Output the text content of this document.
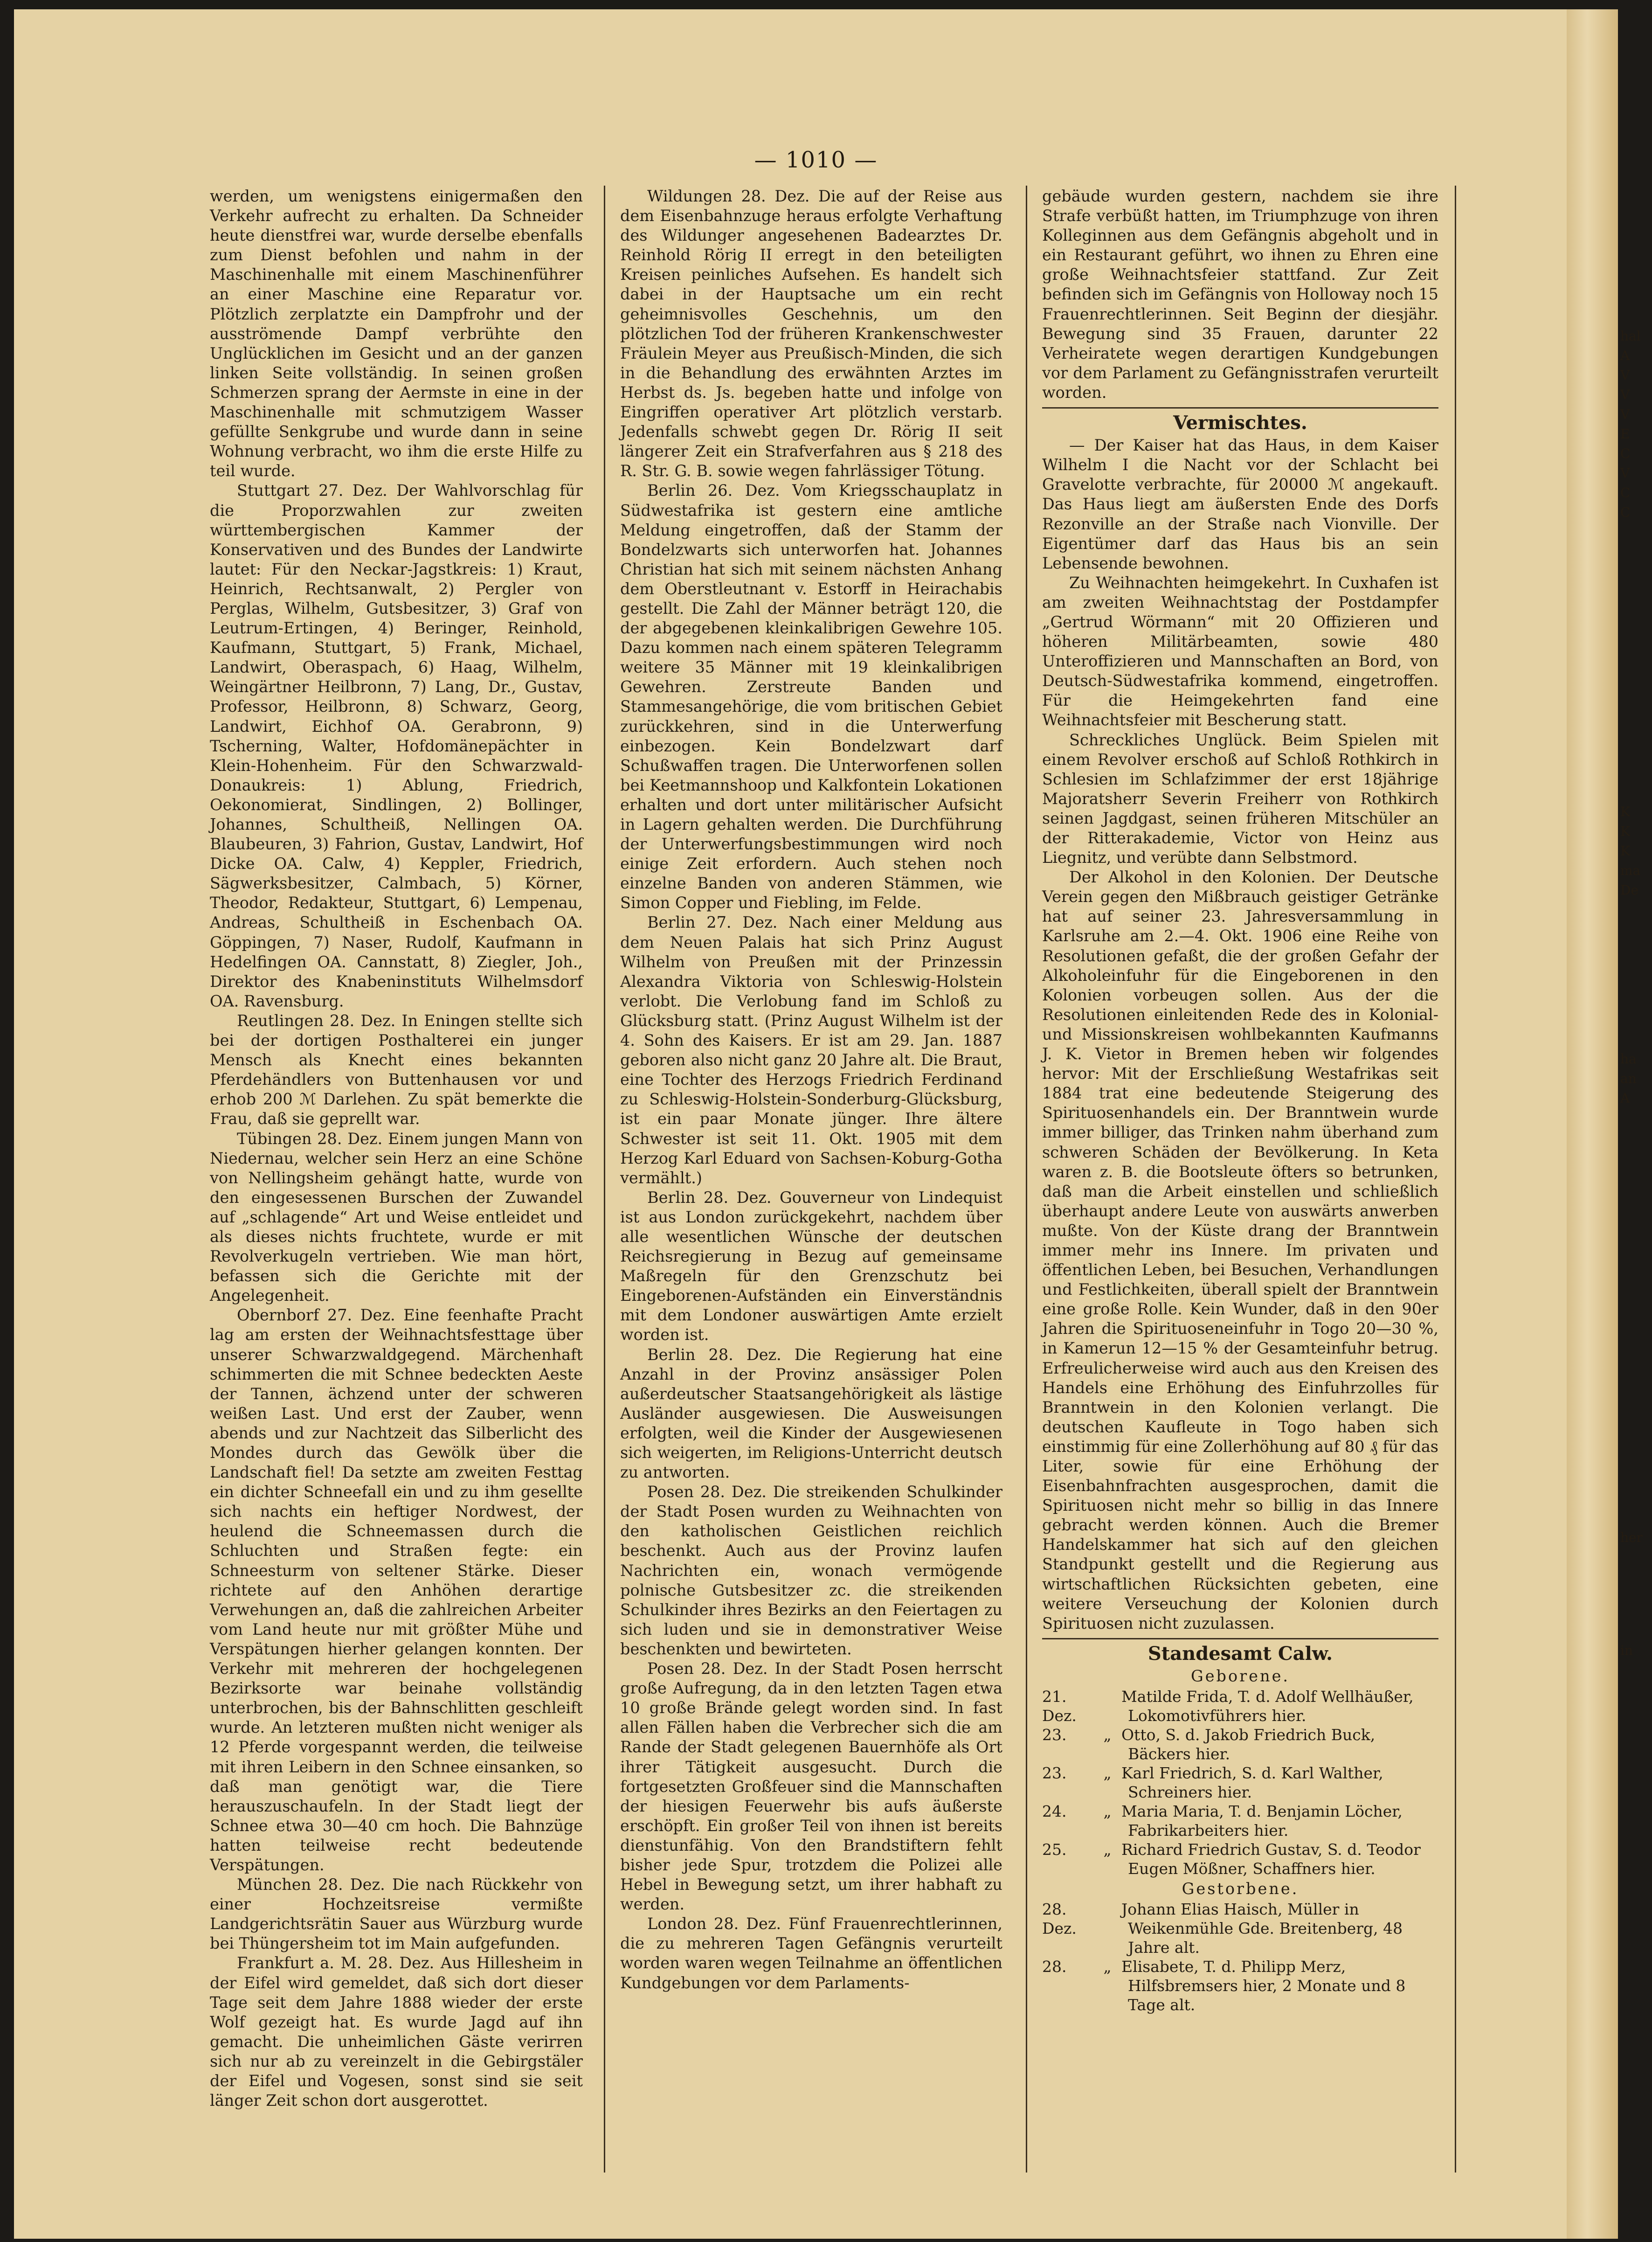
— 1010 —

werden, um wenigstens einigermaßen den Verkehr aufrecht zu erhalten. Da Schneider heute dienstfrei war, wurde derselbe ebenfalls zum Dienst befohlen und nahm in der Maschinenhalle mit einem Maschinenführer an einer Maschine eine Reparatur vor. Plötzlich zerplatzte ein Dampfrohr und der ausströmende Dampf verbrühte den Unglücklichen im Gesicht und an der ganzen linken Seite vollständig. In seinen großen Schmerzen sprang der Aermste in eine in der Maschinenhalle mit schmutzigem Wasser gefüllte Senkgrube und wurde dann in seine Wohnung verbracht, wo ihm die erste Hilfe zu teil wurde.

Stuttgart 27. Dez. Der Wahlvorschlag für die Proporzwahlen zur zweiten württembergischen Kammer der Konservativen und des Bundes der Landwirte lautet: Für den Neckar-Jagstkreis: 1) Kraut, Heinrich, Rechtsanwalt, 2) Pergler von Perglas, Wilhelm, Gutsbesitzer, 3) Graf von Leutrum-Ertingen, 4) Beringer, Reinhold, Kaufmann, Stuttgart, 5) Frank, Michael, Landwirt, Oberaspach, 6) Haag, Wilhelm, Weingärtner Heilbronn, 7) Lang, Dr., Gustav, Professor, Heilbronn, 8) Schwarz, Georg, Landwirt, Eichhof OA. Gerabronn, 9) Tscherning, Walter, Hofdomänepächter in Klein-Hohenheim. Für den Schwarzwald-Donaukreis: 1) Ablung, Friedrich, Oekonomierat, Sindlingen, 2) Bollinger, Johannes, Schultheiß, Nellingen OA. Blaubeuren, 3) Fahrion, Gustav, Landwirt, Hof Dicke OA. Calw, 4) Keppler, Friedrich, Sägwerksbesitzer, Calmbach, 5) Körner, Theodor, Redakteur, Stuttgart, 6) Lempenau, Andreas, Schultheiß in Eschenbach OA. Göppingen, 7) Naser, Rudolf, Kaufmann in Hedelfingen OA. Cannstatt, 8) Ziegler, Joh., Direktor des Knabeninstituts Wilhelmsdorf OA. Ravensburg.

Reutlingen 28. Dez. In Eningen stellte sich bei der dortigen Posthalterei ein junger Mensch als Knecht eines bekannten Pferdehändlers von Buttenhausen vor und erhob 200 ℳ Darlehen. Zu spät bemerkte die Frau, daß sie geprellt war.

Tübingen 28. Dez. Einem jungen Mann von Niedernau, welcher sein Herz an eine Schöne von Nellingsheim gehängt hatte, wurde von den eingesessenen Burschen der Zuwandel auf „schlagende“ Art und Weise entleidet und als dieses nichts fruchtete, wurde er mit Revolverkugeln vertrieben. Wie man hört, befassen sich die Gerichte mit der Angelegenheit.

Obernborf 27. Dez. Eine feenhafte Pracht lag am ersten der Weihnachtsfesttage über unserer Schwarzwaldgegend. Märchenhaft schimmerten die mit Schnee bedeckten Aeste der Tannen, ächzend unter der schweren weißen Last. Und erst der Zauber, wenn abends und zur Nachtzeit das Silberlicht des Mondes durch das Gewölk über die Landschaft fiel! Da setzte am zweiten Festtag ein dichter Schneefall ein und zu ihm gesellte sich nachts ein heftiger Nordwest, der heulend die Schneemassen durch die Schluchten und Straßen fegte: ein Schneesturm von seltener Stärke. Dieser richtete auf den Anhöhen derartige Verwehungen an, daß die zahlreichen Arbeiter vom Land heute nur mit größter Mühe und Verspätungen hierher gelangen konnten. Der Verkehr mit mehreren der hochgelegenen Bezirksorte war beinahe vollständig unterbrochen, bis der Bahnschlitten geschleift wurde. An letzteren mußten nicht weniger als 12 Pferde vorgespannt werden, die teilweise mit ihren Leibern in den Schnee einsanken, so daß man genötigt war, die Tiere herauszuschaufeln. In der Stadt liegt der Schnee etwa 30—40 cm hoch. Die Bahnzüge hatten teilweise recht bedeutende Verspätungen.

München 28. Dez. Die nach Rückkehr von einer Hochzeitsreise vermißte Landgerichtsrätin Sauer aus Würzburg wurde bei Thüngersheim tot im Main aufgefunden.

Frankfurt a. M. 28. Dez. Aus Hillesheim in der Eifel wird gemeldet, daß sich dort dieser Tage seit dem Jahre 1888 wieder der erste Wolf gezeigt hat. Es wurde Jagd auf ihn gemacht. Die unheimlichen Gäste verirren sich nur ab zu vereinzelt in die Gebirgstäler der Eifel und Vogesen, sonst sind sie seit länger Zeit schon dort ausgerottet.

Wildungen 28. Dez. Die auf der Reise aus dem Eisenbahnzuge heraus erfolgte Verhaftung des Wildunger angesehenen Badearztes Dr. Reinhold Rörig II erregt in den beteiligten Kreisen peinliches Aufsehen. Es handelt sich dabei in der Hauptsache um ein recht geheimnisvolles Geschehnis, um den plötzlichen Tod der früheren Krankenschwester Fräulein Meyer aus Preußisch-Minden, die sich in die Behandlung des erwähnten Arztes im Herbst ds. Js. begeben hatte und infolge von Eingriffen operativer Art plötzlich verstarb. Jedenfalls schwebt gegen Dr. Rörig II seit längerer Zeit ein Strafverfahren aus § 218 des R. Str. G. B. sowie wegen fahrlässiger Tötung.

Berlin 26. Dez. Vom Kriegsschauplatz in Südwestafrika ist gestern eine amtliche Meldung eingetroffen, daß der Stamm der Bondelzwarts sich unterworfen hat. Johannes Christian hat sich mit seinem nächsten Anhang dem Oberstleutnant v. Estorff in Heirachabis gestellt. Die Zahl der Männer beträgt 120, die der abgegebenen kleinkalibrigen Gewehre 105. Dazu kommen nach einem späteren Telegramm weitere 35 Männer mit 19 kleinkalibrigen Gewehren. Zerstreute Banden und Stammesangehörige, die vom britischen Gebiet zurückkehren, sind in die Unterwerfung einbezogen. Kein Bondelzwart darf Schußwaffen tragen. Die Unterworfenen sollen bei Keetmannshoop und Kalkfontein Lokationen erhalten und dort unter militärischer Aufsicht in Lagern gehalten werden. Die Durchführung der Unterwerfungsbestimmungen wird noch einige Zeit erfordern. Auch stehen noch einzelne Banden von anderen Stämmen, wie Simon Copper und Fiebling, im Felde.

Berlin 27. Dez. Nach einer Meldung aus dem Neuen Palais hat sich Prinz August Wilhelm von Preußen mit der Prinzessin Alexandra Viktoria von Schleswig-Holstein verlobt. Die Verlobung fand im Schloß zu Glücksburg statt. (Prinz August Wilhelm ist der 4. Sohn des Kaisers. Er ist am 29. Jan. 1887 geboren also nicht ganz 20 Jahre alt. Die Braut, eine Tochter des Herzogs Friedrich Ferdinand zu Schleswig-Holstein-Sonderburg-Glücksburg, ist ein paar Monate jünger. Ihre ältere Schwester ist seit 11. Okt. 1905 mit dem Herzog Karl Eduard von Sachsen-Koburg-Gotha vermählt.)

Berlin 28. Dez. Gouverneur von Lindequist ist aus London zurückgekehrt, nachdem über alle wesentlichen Wünsche der deutschen Reichsregierung in Bezug auf gemeinsame Maßregeln für den Grenzschutz bei Eingeborenen-Aufständen ein Einverständnis mit dem Londoner auswärtigen Amte erzielt worden ist.

Berlin 28. Dez. Die Regierung hat eine Anzahl in der Provinz ansässiger Polen außerdeutscher Staatsangehörigkeit als lästige Ausländer ausgewiesen. Die Ausweisungen erfolgten, weil die Kinder der Ausgewiesenen sich weigerten, im Religions-Unterricht deutsch zu antworten.

Posen 28. Dez. Die streikenden Schulkinder der Stadt Posen wurden zu Weihnachten von den katholischen Geistlichen reichlich beschenkt. Auch aus der Provinz laufen Nachrichten ein, wonach vermögende polnische Gutsbesitzer zc. die streikenden Schulkinder ihres Bezirks an den Feiertagen zu sich luden und sie in demonstrativer Weise beschenkten und bewirteten.

Posen 28. Dez. In der Stadt Posen herrscht große Aufregung, da in den letzten Tagen etwa 10 große Brände gelegt worden sind. In fast allen Fällen haben die Verbrecher sich die am Rande der Stadt gelegenen Bauernhöfe als Ort ihrer Tätigkeit ausgesucht. Durch die fortgesetzten Großfeuer sind die Mannschaften der hiesigen Feuerwehr bis aufs äußerste erschöpft. Ein großer Teil von ihnen ist bereits dienstunfähig. Von den Brandstiftern fehlt bisher jede Spur, trotzdem die Polizei alle Hebel in Bewegung setzt, um ihrer habhaft zu werden.

London 28. Dez. Fünf Frauenrechtlerinnen, die zu mehreren Tagen Gefängnis verurteilt worden waren wegen Teilnahme an öffentlichen Kundgebungen vor dem Parlaments-

gebäude wurden gestern, nachdem sie ihre Strafe verbüßt hatten, im Triumphzuge von ihren Kolleginnen aus dem Gefängnis abgeholt und in ein Restaurant geführt, wo ihnen zu Ehren eine große Weihnachtsfeier stattfand. Zur Zeit befinden sich im Gefängnis von Holloway noch 15 Frauenrechtlerinnen. Seit Beginn der diesjähr. Bewegung sind 35 Frauen, darunter 22 Verheiratete wegen derartigen Kundgebungen vor dem Parlament zu Gefängnisstrafen verurteilt worden.

Vermischtes.

— Der Kaiser hat das Haus, in dem Kaiser Wilhelm I die Nacht vor der Schlacht bei Gravelotte verbrachte, für 20000 ℳ angekauft. Das Haus liegt am äußersten Ende des Dorfs Rezonville an der Straße nach Vionville. Der Eigentümer darf das Haus bis an sein Lebensende bewohnen.

Zu Weihnachten heimgekehrt. In Cuxhafen ist am zweiten Weihnachtstag der Postdampfer „Gertrud Wörmann“ mit 20 Offizieren und höheren Militärbeamten, sowie 480 Unteroffizieren und Mannschaften an Bord, von Deutsch-Südwestafrika kommend, eingetroffen. Für die Heimgekehrten fand eine Weihnachtsfeier mit Bescherung statt.

Schreckliches Unglück. Beim Spielen mit einem Revolver erschoß auf Schloß Rothkirch in Schlesien im Schlafzimmer der erst 18jährige Majoratsherr Severin Freiherr von Rothkirch seinen Jagdgast, seinen früheren Mitschüler an der Ritterakademie, Victor von Heinz aus Liegnitz, und verübte dann Selbstmord.

Der Alkohol in den Kolonien. Der Deutsche Verein gegen den Mißbrauch geistiger Getränke hat auf seiner 23. Jahresversammlung in Karlsruhe am 2.—4. Okt. 1906 eine Reihe von Resolutionen gefaßt, die der großen Gefahr der Alkoholeinfuhr für die Eingeborenen in den Kolonien vorbeugen sollen. Aus der die Resolutionen einleitenden Rede des in Kolonial- und Missionskreisen wohlbekannten Kaufmanns J. K. Vietor in Bremen heben wir folgendes hervor: Mit der Erschließung Westafrikas seit 1884 trat eine bedeutende Steigerung des Spirituosenhandels ein. Der Branntwein wurde immer billiger, das Trinken nahm überhand zum schweren Schäden der Bevölkerung. In Keta waren z. B. die Bootsleute öfters so betrunken, daß man die Arbeit einstellen und schließlich überhaupt andere Leute von auswärts anwerben mußte. Von der Küste drang der Branntwein immer mehr ins Innere. Im privaten und öffentlichen Leben, bei Besuchen, Verhandlungen und Festlichkeiten, überall spielt der Branntwein eine große Rolle. Kein Wunder, daß in den 90er Jahren die Spirituoseneinfuhr in Togo 20—30 %, in Kamerun 12—15 % der Gesamteinfuhr betrug. Erfreulicherweise wird auch aus den Kreisen des Handels eine Erhöhung des Einfuhrzolles für Branntwein in den Kolonien verlangt. Die deutschen Kaufleute in Togo haben sich einstimmig für eine Zollerhöhung auf 80 ₰ für das Liter, sowie für eine Erhöhung der Eisenbahnfrachten ausgesprochen, damit die Spirituosen nicht mehr so billig in das Innere gebracht werden können. Auch die Bremer Handelskammer hat sich auf den gleichen Standpunkt gestellt und die Regierung aus wirtschaftlichen Rücksichten gebeten, eine weitere Verseuchung der Kolonien durch Spirituosen nicht zuzulassen.

Standesamt Calw.
Geborene.
21. Dez.		Matilde Frida, T. d. Adolf Wellhäußer, Lokomotivführers hier.
23.	„	Otto, S. d. Jakob Friedrich Buck, Bäckers hier.
23.	„	Karl Friedrich, S. d. Karl Walther, Schreiners hier.
24.	„	Maria Maria, T. d. Benjamin Löcher, Fabrikarbeiters hier.
25.	„	Richard Friedrich Gustav, S. d. Teodor Eugen Mößner, Schaffners hier.
Gestorbene.
28. Dez.		Johann Elias Haisch, Müller in Weikenmühle Gde. Breitenberg, 48 Jahre alt.
28.	„	Elisabete, T. d. Philipp Merz, Hilfsbremsers hier, 2 Monate und 8 Tage alt.
hal
A
V
V
V
E
C
V
C
C
K
K
K
ma
De
ha
an
A
her
in
